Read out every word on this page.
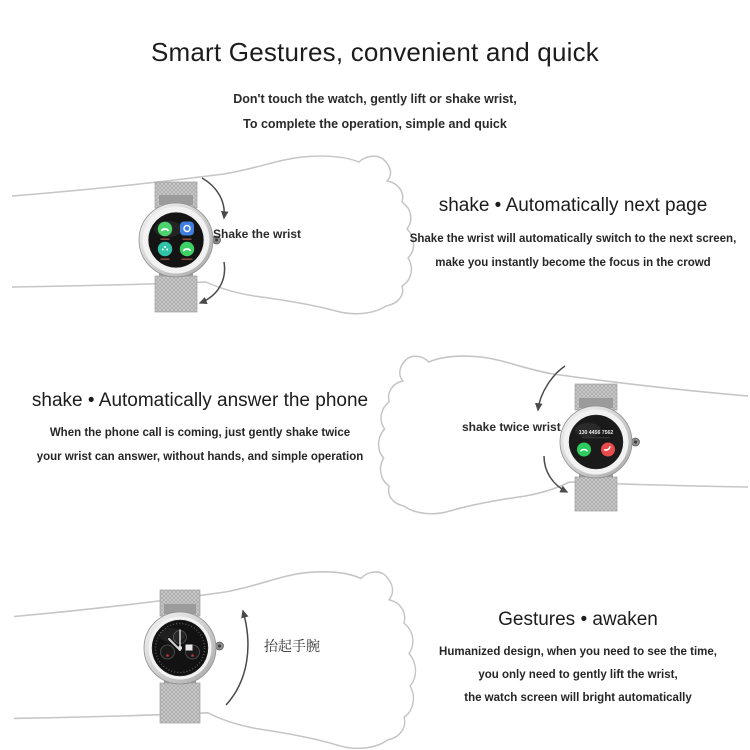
Smart Gestures, convenient and quick
Don't touch the watch, gently lift or shake wrist,
To complete the operation, simple and quick
Shake the wrist
shake • Automatically next page
Shake the wrist will automatically switch to the next screen,
make you instantly become the focus in the crowd
shake • Automatically answer the phone
When the phone call is coming, just gently shake twice
your wrist can answer, without hands, and simple operation
130 4456 7562
shake twice wrist
抬起手腕
Gestures • awaken
Humanized design, when you need to see the time,
you only need to gently lift the wrist,
the watch screen will bright automatically
